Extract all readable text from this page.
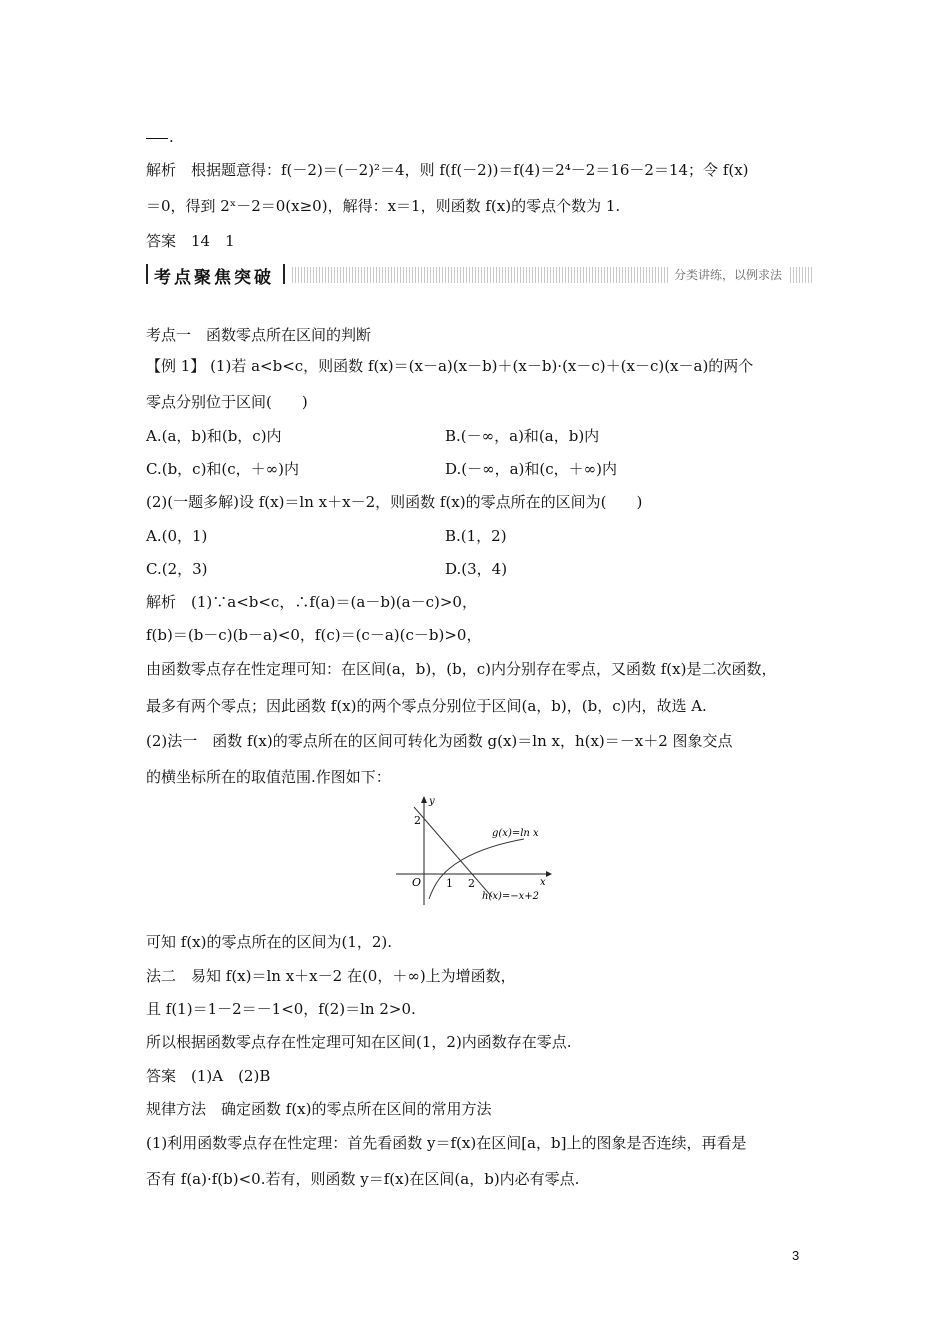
.
解析　根据题意得：f(－2)＝(－2)²＝4，则 f(f(－2))＝f(4)＝2⁴－2＝16－2＝14；令 f(x)
＝0，得到 2ˣ－2＝0(x≥0)，解得：x＝1，则函数 f(x)的零点个数为 1.
答案　14　1
考点聚焦突破	分类讲练，以例求法
考点一　函数零点所在区间的判断
【例 1】 (1)若 a<b<c，则函数 f(x)＝(x－a)(x－b)＋(x－b)·(x－c)＋(x－c)(x－a)的两个
零点分别位于区间(　　)
A.(a，b)和(b，c)内	B.(－∞，a)和(a，b)内
C.(b，c)和(c，＋∞)内	D.(－∞，a)和(c，＋∞)内
(2)(一题多解)设 f(x)＝ln x＋x－2，则函数 f(x)的零点所在的区间为(　　)
A.(0，1)	B.(1，2)
C.(2，3)	D.(3，4)
解析　(1)∵a<b<c，∴f(a)＝(a－b)(a－c)>0，
f(b)＝(b－c)(b－a)<0，f(c)＝(c－a)(c－b)>0，
由函数零点存在性定理可知：在区间(a，b)，(b，c)内分别存在零点，又函数 f(x)是二次函数，
最多有两个零点；因此函数 f(x)的两个零点分别位于区间(a，b)，(b，c)内，故选 A.
(2)法一　函数 f(x)的零点所在的区间可转化为函数 g(x)＝ln x，h(x)＝－x＋2 图象交点
的横坐标所在的取值范围.作图如下：
y
x
O
2
1 2
g(x)=ln x
h(x)=−x+2
可知 f(x)的零点所在的区间为(1，2).
法二　易知 f(x)＝ln x＋x－2 在(0，＋∞)上为增函数，
且 f(1)＝1－2＝－1<0，f(2)＝ln 2>0.
所以根据函数零点存在性定理可知在区间(1，2)内函数存在零点.
答案　(1)A　(2)B
规律方法　确定函数 f(x)的零点所在区间的常用方法
(1)利用函数零点存在性定理：首先看函数 y＝f(x)在区间[a，b]上的图象是否连续，再看是
否有 f(a)·f(b)<0.若有，则函数 y＝f(x)在区间(a，b)内必有零点.
3
